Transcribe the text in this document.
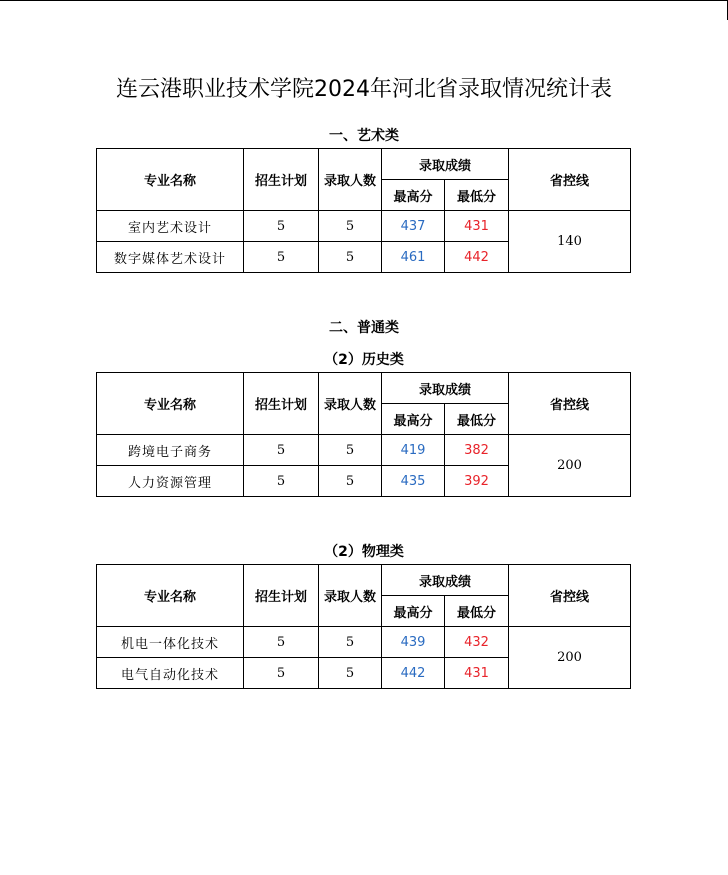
连云港职业技术学院2024年河北省录取情况统计表
一、艺术类
专业名称	招生计划	录取人数	录取成绩		省控线
			最高分	最低分	
室内艺术设计	5	5	437	431	140
数字媒体艺术设计	5	5	461	442	
二、普通类
（2）历史类
专业名称	招生计划	录取人数	录取成绩		省控线
			最高分	最低分	
跨境电子商务	5	5	419	382	200
人力资源管理	5	5	435	392	
（2）物理类
专业名称	招生计划	录取人数	录取成绩		省控线
			最高分	最低分	
机电一体化技术	5	5	439	432	200
电气自动化技术	5	5	442	431	
